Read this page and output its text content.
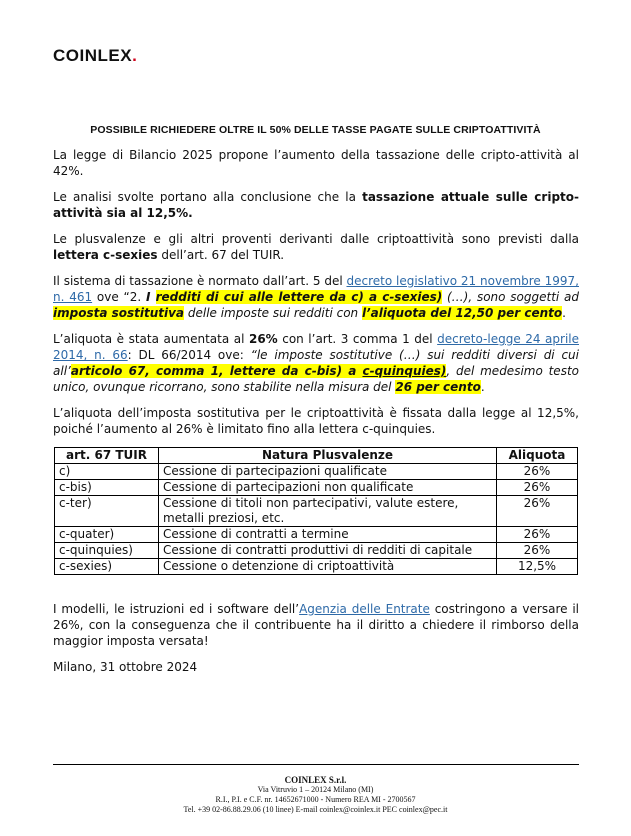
COINLEX.
POSSIBILE RICHIEDERE OLTRE IL 50% DELLE TASSE PAGATE SULLE CRIPTOATTIVITÀ

La legge di Bilancio 2025 propone l’aumento della tassazione delle cripto-attività al 42%.

Le analisi svolte portano alla conclusione che la tassazione attuale sulle cripto-attività sia al 12,5%.

Le plusvalenze e gli altri proventi derivanti dalle criptoattività sono previsti dalla lettera c-sexies dell’art. 67 del TUIR.

Il sistema di tassazione è normato dall’art. 5 del decreto legislativo 21 novembre 1997, n. 461 ove “2. I redditi di cui alle lettere da c) a c-sexies) (…), sono soggetti ad imposta sostitutiva delle imposte sui redditi con l’aliquota del 12,50 per cento.

L’aliquota è stata aumentata al 26% con l’art. 3 comma 1 del decreto-legge 24 aprile 2014, n. 66: DL 66/2014 ove: “le imposte sostitutive (…) sui redditi diversi di cui all’articolo 67, comma 1, lettere da c-bis) a c-quinquies), del medesimo testo unico, ovunque ricorrano, sono stabilite nella misura del 26 per cento.

L’aliquota dell’imposta sostitutiva per le criptoattività è fissata dalla legge al 12,5%, poiché l’aumento al 26% è limitato fino alla lettera c-quinquies.

art. 67 TUIR	Natura Plusvalenze	Aliquota
c)	Cessione di partecipazioni qualificate	26%
c-bis)	Cessione di partecipazioni non qualificate	26%
c-ter)	Cessione di titoli non partecipativi, valute estere, metalli preziosi, etc.	26%
c-quater)	Cessione di contratti a termine	26%
c-quinquies)	Cessione di contratti produttivi di redditi di capitale	26%
c-sexies)	Cessione o detenzione di criptoattività	12,5%

I modelli, le istruzioni ed i software dell’Agenzia delle Entrate costringono a versare il 26%, con la conseguenza che il contribuente ha il diritto a chiedere il rimborso della maggior imposta versata!

Milano, 31 ottobre 2024

COINLEX S.r.l.
Via Vitruvio 1 – 20124 Milano (MI)
R.I., P.I. e C.F. nr. 14652671000 - Numero REA MI - 2700567
Tel. +39 02-86.88.29.06 (10 linee) E-mail coinlex@coinlex.it PEC coinlex@pec.it
